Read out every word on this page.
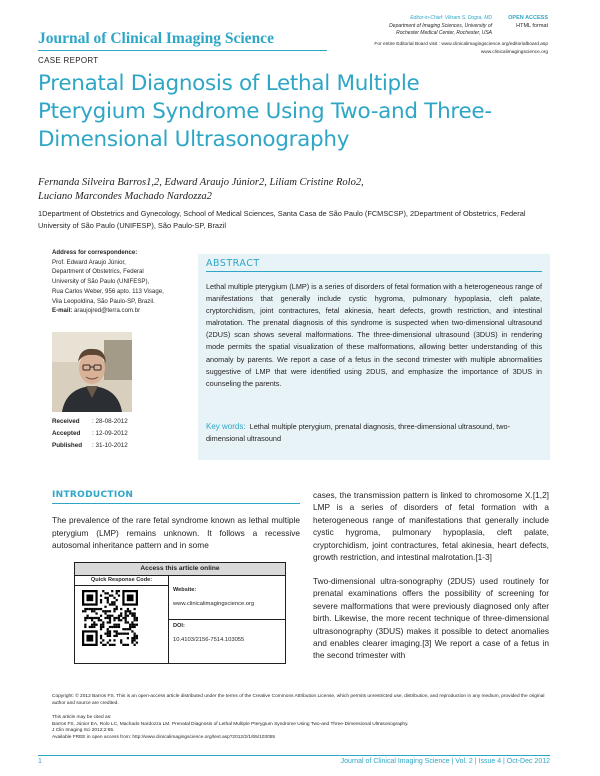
Journal of Clinical Imaging Science
Editor-in-Chief: Vikram S. Dogra, MD
Department of Imaging Sciences, University of
Rochester Medical Center, Rochester, USA
OPEN ACCESS
HTML format
For entire Editorial Board visit : www.clinicalimagingscience.org/editorialboard.asp
www.clinicalimagingscience.org
CASE REPORT
Prenatal Diagnosis of Lethal Multiple Pterygium Syndrome Using Two-and Three-Dimensional Ultrasonography
Fernanda Silveira Barros1,2, Edward Araujo Júnior2, Liliam Cristine Rolo2,
Luciano Marcondes Machado Nardozza2
1Department of Obstetrics and Gynecology, School of Medical Sciences, Santa Casa de São Paulo (FCMSCSP), 2Department of Obstetrics, Federal University of São Paulo (UNIFESP), São Paulo-SP, Brazil
Address for correspondence:
Prof. Edward Araujo Júnior,
Department of Obstetrics, Federal
University of São Paulo (UNIFESP),
Rua Carlos Weber, 956 apto. 113 Visage,
Vila Leopoldina, São Paulo-SP, Brazil.
E-mail: araujojred@terra.com.br
Received	: 28-08-2012
Accepted	: 12-09-2012
Published	: 31-10-2012
ABSTRACT
Lethal multiple pterygium (LMP) is a series of disorders of fetal formation with a heterogeneous range of manifestations that generally include cystic hygroma, pulmonary hypoplasia, cleft palate, cryptorchidism, joint contractures, fetal akinesia, heart defects, growth restriction, and intestinal malrotation. The prenatal diagnosis of this syndrome is suspected when two-dimensional ultrasound (2DUS) scan shows several malformations. The three-dimensional ultrasound (3DUS) in rendering mode permits the spatial visualization of these malformations, allowing better understanding of this anomaly by parents. We report a case of a fetus in the second trimester with multiple abnormalities suggestive of LMP that were identified using 2DUS, and emphasize the importance of 3DUS in counseling the parents.
Key words: Lethal multiple pterygium, prenatal diagnosis, three-dimensional ultrasound, two-dimensional ultrasound
INTRODUCTION
The prevalence of the rare fetal syndrome known as lethal multiple pterygium (LMP) remains unknown. It follows a recessive autosomal inheritance pattern and in some
cases, the transmission pattern is linked to chromosome X.[1,2] LMP is a series of disorders of fetal formation with a heterogeneous range of manifestations that generally include cystic hygroma, pulmonary hypoplasia, cleft palate, cryptorchidism, joint contractures, fetal akinesia, heart defects, growth restriction, and intestinal malrotation.[1-3]
Two-dimensional ultra-sonography (2DUS) used routinely for prenatal examinations offers the possibility of screening for severe malformations that were previously diagnosed only after birth. Likewise, the more recent technique of three-dimensional ultrasonography (3DUS) makes it possible to detect anomalies and enables clearer imaging.[3] We report a case of a fetus in the second trimester with
Access this article online
Quick Response Code:
Website:
www.clinicalimagingscience.org
DOI:
10.4103/2156-7514.103055
Copyright: © 2012 Barros FS. This is an open-access article distributed under the terms of the Creative Commons Attribution License, which permits unrestricted use, distribution, and reproduction in any medium, provided the original author and source are credited.
This article may be cited as:
Barros FS, Júnior EA, Rolo LC, Machado Nardozza LM. Prenatal Diagnosis of Lethal Multiple Pterygium Syndrome Using Two-and Three-Dimensional Ultrasonography.
J Clin Imaging Sci 2012;2:65.
Available FREE in open access from: http://www.clinicalimagingscience.org/text.asp?2012/2/1/65/103055
1	Journal of Clinical Imaging Science | Vol. 2 | Issue 4 | Oct-Dec 2012
